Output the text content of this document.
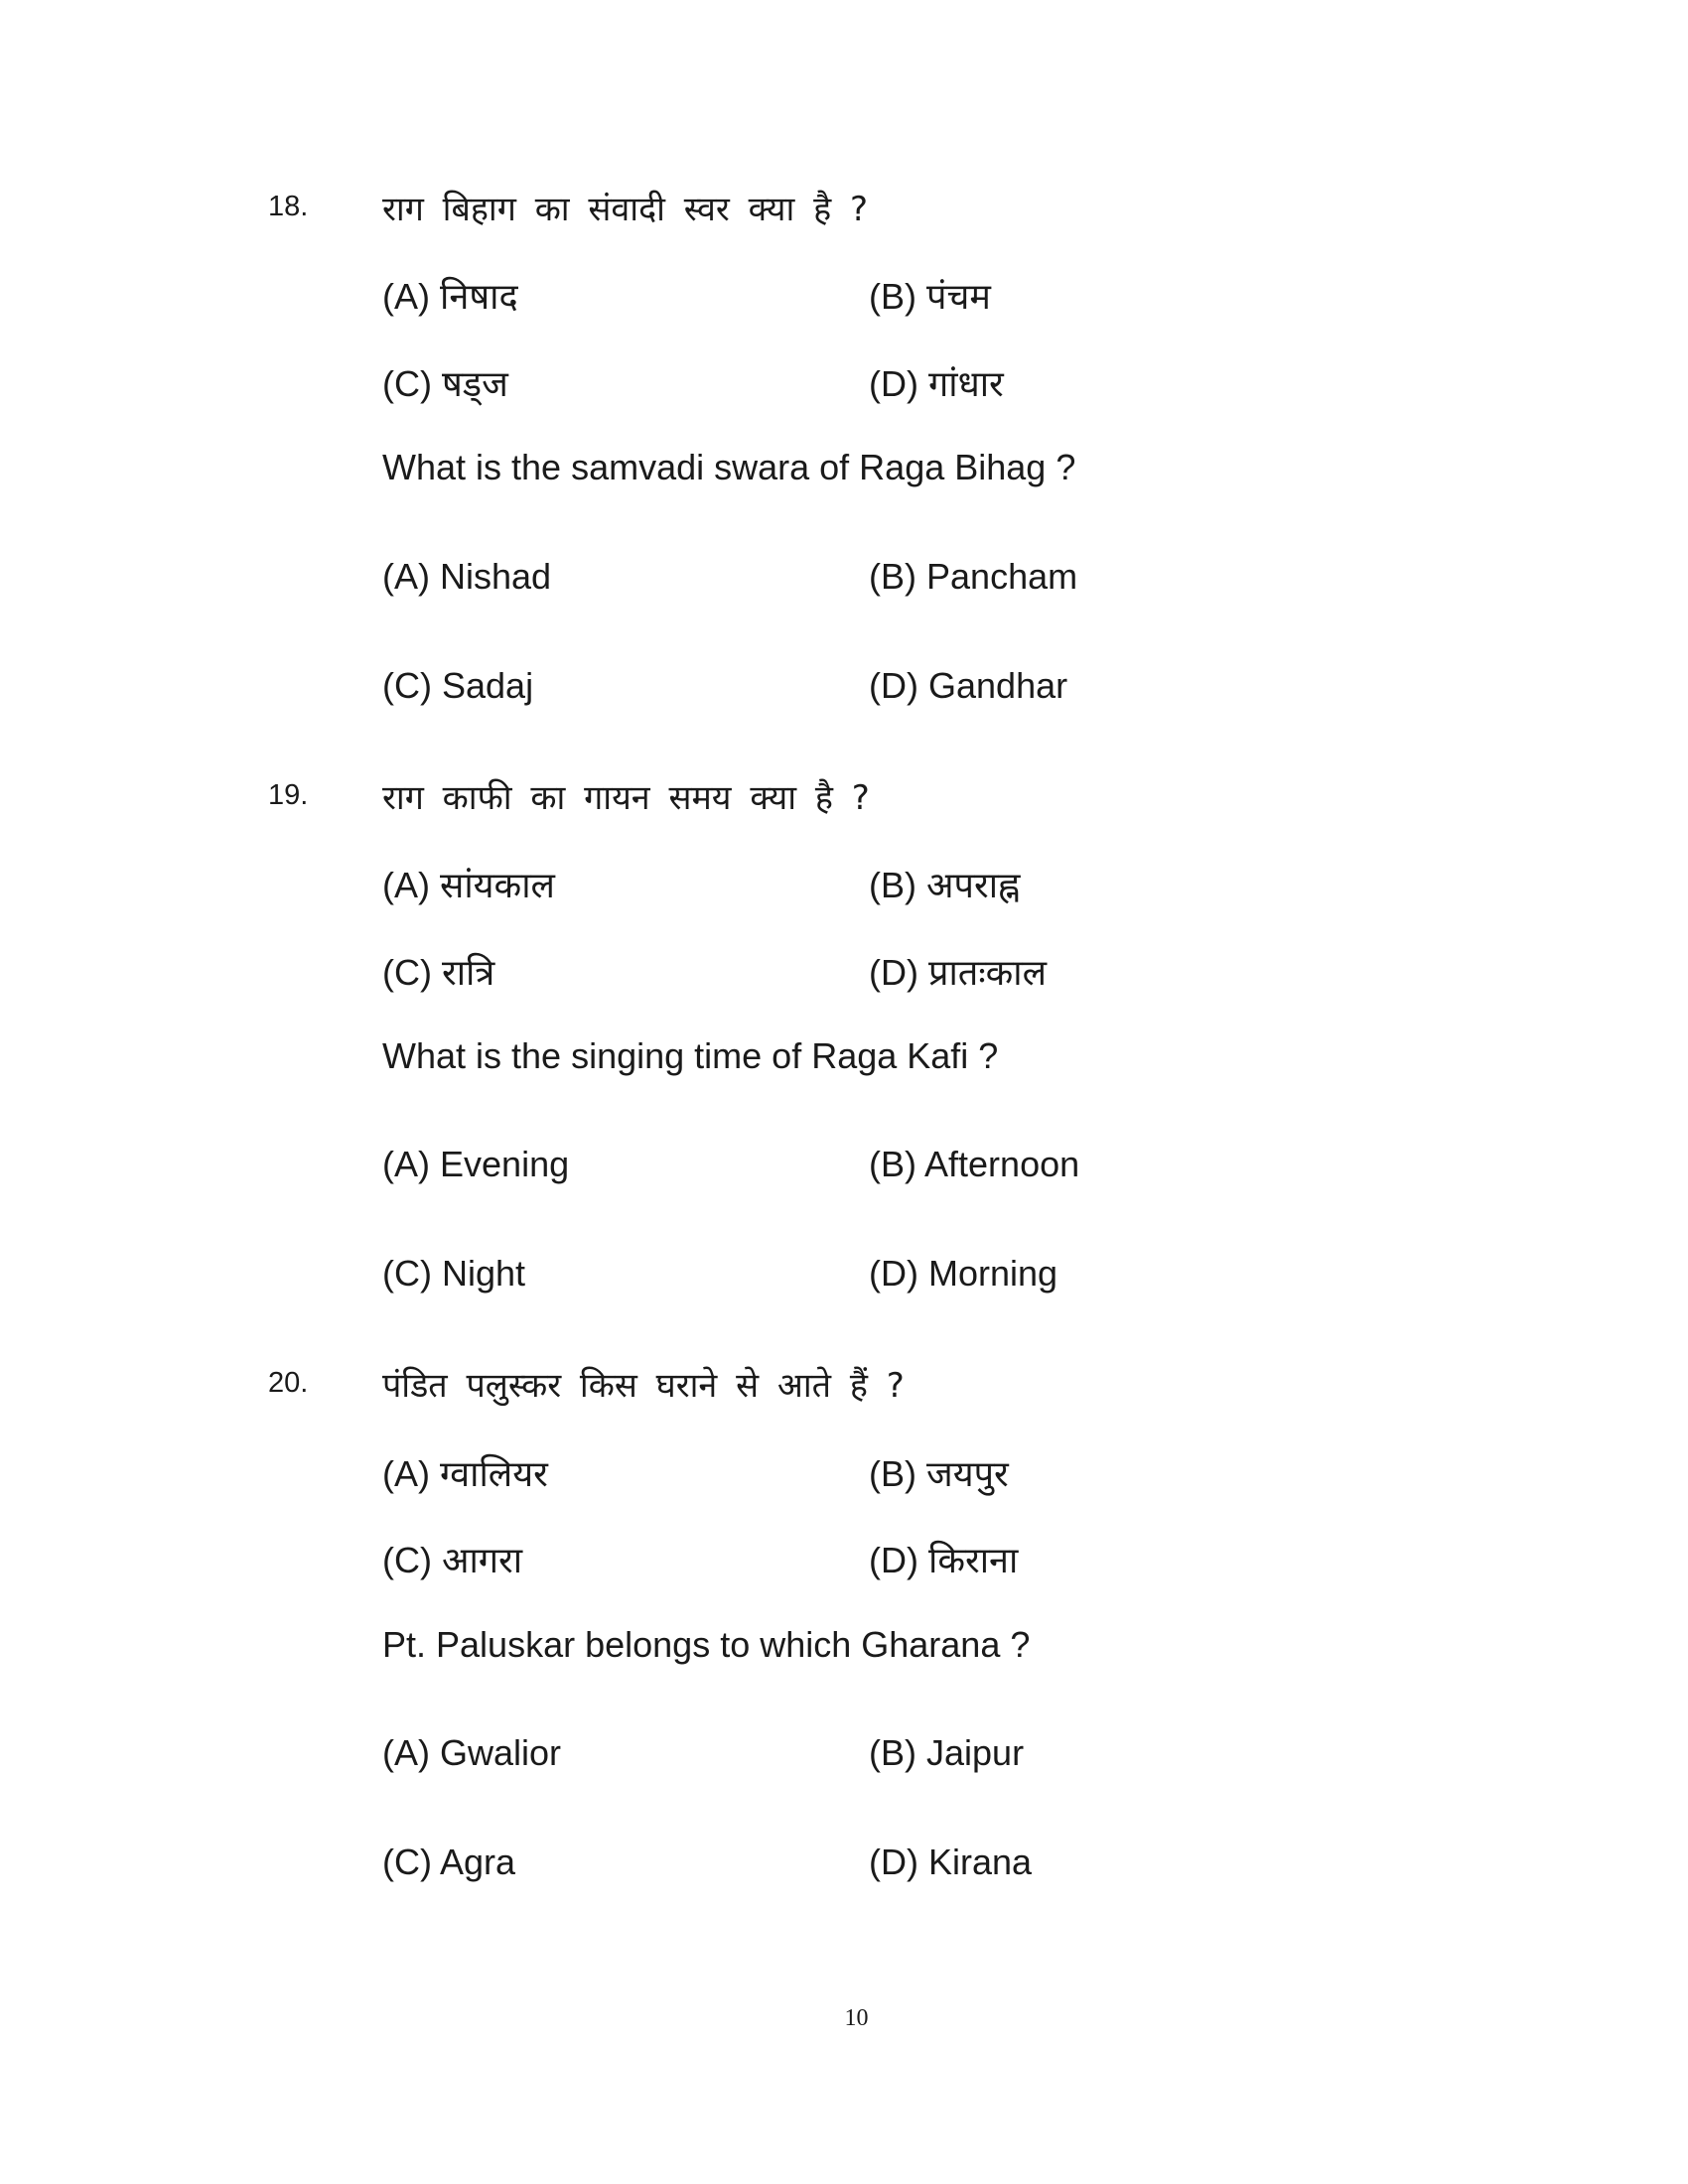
18. राग बिहाग का संवादी स्वर क्या है ?
(A) निषाद	(B) पंचम
(C) षड्ज	(D) गांधार
What is the samvadi swara of Raga Bihag ?
(A) Nishad	(B) Pancham
(C) Sadaj	(D) Gandhar
19. राग काफी का गायन समय क्या है ?
(A) सांयकाल	(B) अपराह्न
(C) रात्रि	(D) प्रातःकाल
What is the singing time of Raga Kafi ?
(A) Evening	(B) Afternoon
(C) Night	(D) Morning
20. पंडित पलुस्कर किस घराने से आते हैं ?
(A) ग्वालियर	(B) जयपुर
(C) आगरा	(D) किराना
Pt. Paluskar belongs to which Gharana ?
(A) Gwalior	(B) Jaipur
(C) Agra	(D) Kirana
10
